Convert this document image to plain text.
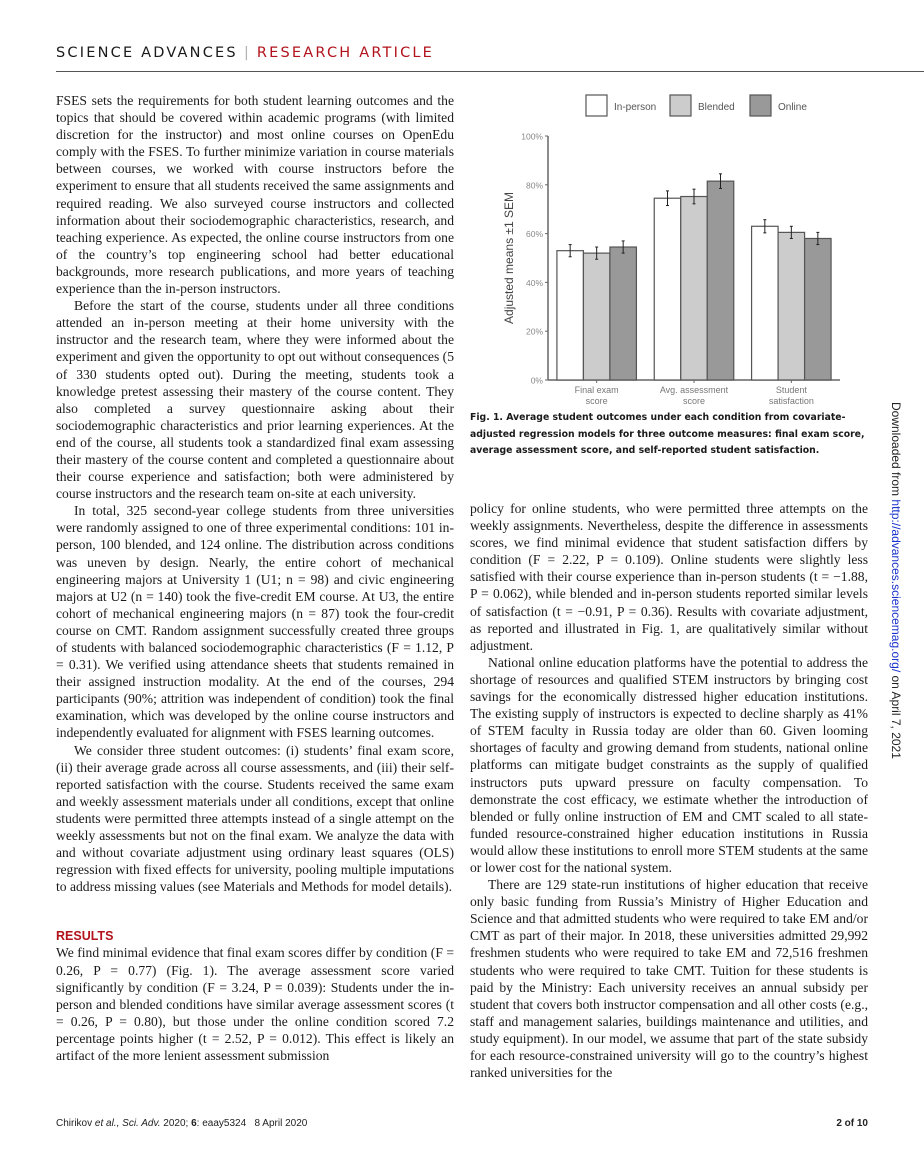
SCIENCE ADVANCES | RESEARCH ARTICLE

FSES sets the requirements for both student learning outcomes and the topics that should be covered within academic programs (with limited discretion for the instructor) and most online courses on OpenEdu comply with the FSES. To further minimize variation in course materials between courses, we worked with course instructors before the experiment to ensure that all students received the same assignments and required reading. We also surveyed course instructors and collected information about their sociodemographic characteristics, research, and teaching experience. As expected, the online course instructors from one of the country’s top engineering school had better educational backgrounds, more research publications, and more years of teaching experience than the in-person instructors.

Before the start of the course, students under all three conditions attended an in-person meeting at their home university with the instructor and the research team, where they were informed about the experiment and given the opportunity to opt out without consequences (5 of 330 students opted out). During the meeting, students took a knowledge pretest assessing their mastery of the course content. They also completed a survey questionnaire asking about their sociodemographic characteristics and prior learning experiences. At the end of the course, all students took a standardized final exam assessing their mastery of the course content and completed a questionnaire about their course experience and satisfaction; both were administered by course instructors and the research team on-site at each university.

In total, 325 second-year college students from three universities were randomly assigned to one of three experimental conditions: 101 in-person, 100 blended, and 124 online. The distribution across conditions was uneven by design. Nearly, the entire cohort of mechanical engineering majors at University 1 (U1; n = 98) and civic engineering majors at U2 (n = 140) took the five-credit EM course. At U3, the entire cohort of mechanical engineering majors (n = 87) took the four-credit course on CMT. Random assignment successfully created three groups of students with balanced sociodemographic characteristics (F = 1.12, P = 0.31). We verified using attendance sheets that students remained in their assigned instruction modality. At the end of the courses, 294 participants (90%; attrition was independent of condition) took the final examination, which was developed by the online course instructors and independently evaluated for alignment with FSES learning outcomes.

We consider three student outcomes: (i) students’ final exam score, (ii) their average grade across all course assessments, and (iii) their self-reported satisfaction with the course. Students received the same exam and weekly assessment materials under all conditions, except that online students were permitted three attempts instead of a single attempt on the weekly assessments but not on the final exam. We analyze the data with and without covariate adjustment using ordinary least squares (OLS) regression with fixed effects for university, pooling multiple imputations to address missing values (see Materials and Methods for model details).

RESULTS

We find minimal evidence that final exam scores differ by condition (F = 0.26, P = 0.77) (Fig. 1). The average assessment score varied significantly by condition (F = 3.24, P = 0.039): Students under the in-person and blended conditions have similar average assessment scores (t = 0.26, P = 0.80), but those under the online condition scored 7.2 percentage points higher (t = 2.52, P = 0.012). This effect is likely an artifact of the more lenient assessment submission

In-person	Blended	Online
0%
20%
40%
60%
80%
100%
Adjusted means ±1 SEM
Final exam
score
Avg. assessment
score
Student
satisfaction
Fig. 1. Average student outcomes under each condition from covariate-adjusted regression models for three outcome measures: final exam score, average assessment score, and self-reported student satisfaction.

policy for online students, who were permitted three attempts on the weekly assignments. Nevertheless, despite the difference in assessments scores, we find minimal evidence that student satisfaction differs by condition (F = 2.22, P = 0.109). Online students were slightly less satisfied with their course experience than in-person students (t = −1.88, P = 0.062), while blended and in-person students reported similar levels of satisfaction (t = −0.91, P = 0.36). Results with covariate adjustment, as reported and illustrated in Fig. 1, are qualitatively similar without adjustment.

National online education platforms have the potential to address the shortage of resources and qualified STEM instructors by bringing cost savings for the economically distressed higher education institutions. The existing supply of instructors is expected to decline sharply as 41% of STEM faculty in Russia today are older than 60. Given looming shortages of faculty and growing demand from students, national online platforms can mitigate budget constraints as the supply of qualified instructors puts upward pressure on faculty compensation. To demonstrate the cost efficacy, we estimate whether the introduction of blended or fully online instruction of EM and CMT scaled to all state-funded resource-constrained higher education institutions in Russia would allow these institutions to enroll more STEM students at the same or lower cost for the national system.

There are 129 state-run institutions of higher education that receive only basic funding from Russia’s Ministry of Higher Education and Science and that admitted students who were required to take EM and/or CMT as part of their major. In 2018, these universities admitted 29,992 freshmen students who were required to take EM and 72,516 freshmen students who were required to take CMT. Tuition for these students is paid by the Ministry: Each university receives an annual subsidy per student that covers both instructor compensation and all other costs (e.g., staff and management salaries, buildings maintenance and utilities, and study equipment). In our model, we assume that part of the state subsidy for each resource-constrained university will go to the country’s highest ranked universities for the

Chirikov et al., Sci. Adv. 2020; 6: eaay5324 8 April 2020	2 of 10
Downloaded from http://advances.sciencemag.org/ on April 7, 2021
